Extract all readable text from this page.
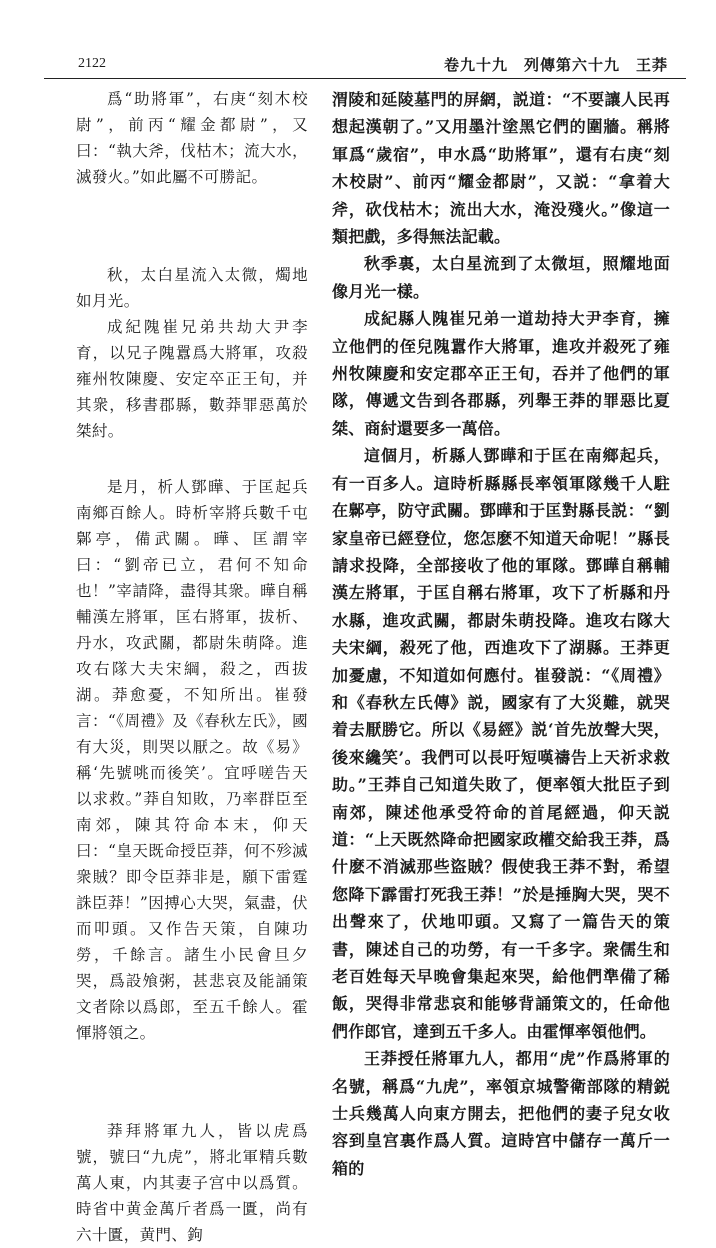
2122	卷九十九　列傳第六十九　王莽

爲“助將軍”，右庚“刻木校尉”，前丙“耀金都尉”，又曰：“執大斧，伐枯木；流大水，滅發火。”如此屬不可勝記。

秋，太白星流入太微，燭地如月光。

成紀隗崔兄弟共劫大尹李育，以兄子隗囂爲大將軍，攻殺雍州牧陳慶、安定卒正王旬，并其衆，移書郡縣，數莽罪惡萬於桀紂。

是月，析人鄧曄、于匡起兵南鄉百餘人。時析宰將兵數千屯鄡亭，備武關。曄、匡謂宰曰：“劉帝已立，君何不知命也！”宰請降，盡得其衆。曄自稱輔漢左將軍，匡右將軍，拔析、丹水，攻武關，都尉朱萌降。進攻右隊大夫宋綱，殺之，西拔湖。莽愈憂，不知所出。崔發言：“《周禮》及《春秋左氏》，國有大災，則哭以厭之。故《易》稱‘先號咷而後笑’。宜呼嗟告天以求救。”莽自知敗，乃率群臣至南郊，陳其符命本末，仰天曰：“皇天既命授臣莽，何不殄滅衆賊？即令臣莽非是，願下雷霆誅臣莽！”因搏心大哭，氣盡，伏而叩頭。又作告天策，自陳功勞，千餘言。諸生小民會旦夕哭，爲設飧粥，甚悲哀及能誦策文者除以爲郎，至五千餘人。霍惲將領之。

莽拜將軍九人，皆以虎爲號，號曰“九虎”，將北軍精兵數萬人東，内其妻子宫中以爲質。時省中黄金萬斤者爲一匱，尚有六十匱，黄門、鉤

渭陵和延陵墓門的屏網，説道：“不要讓人民再想起漢朝了。”又用墨汁塗黑它們的圍牆。稱將軍爲“歲宿”，申水爲“助將軍”，還有右庚“刻木校尉”、前丙“耀金都尉”，又説：“拿着大斧，砍伐枯木；流出大水，淹没殘火。”像這一類把戲，多得無法記載。

秋季裏，太白星流到了太微垣，照耀地面像月光一樣。

成紀縣人隗崔兄弟一道劫持大尹李育，擁立他們的侄兒隗囂作大將軍，進攻并殺死了雍州牧陳慶和安定郡卒正王旬，吞并了他們的軍隊，傳遞文告到各郡縣，列舉王莽的罪惡比夏桀、商紂還要多一萬倍。

這個月，析縣人鄧曄和于匡在南鄉起兵，有一百多人。這時析縣縣長率領軍隊幾千人駐在鄡亭，防守武關。鄧曄和于匡對縣長説：“劉家皇帝已經登位，您怎麽不知道天命呢！”縣長請求投降，全部接收了他的軍隊。鄧曄自稱輔漢左將軍，于匡自稱右將軍，攻下了析縣和丹水縣，進攻武關，都尉朱萌投降。進攻右隊大夫宋綱，殺死了他，西進攻下了湖縣。王莽更加憂慮，不知道如何應付。崔發説：“《周禮》和《春秋左氏傳》説，國家有了大災難，就哭着去厭勝它。所以《易經》説‘首先放聲大哭，後來纔笑’。我們可以長吁短嘆禱告上天祈求救助。”王莽自己知道失敗了，便率領大批臣子到南郊，陳述他承受符命的首尾經過，仰天説道：“上天既然降命把國家政權交給我王莽，爲什麽不消滅那些盜賊？假使我王莽不對，希望您降下霹雷打死我王莽！”於是捶胸大哭，哭不出聲來了，伏地叩頭。又寫了一篇告天的策書，陳述自己的功勞，有一千多字。衆儒生和老百姓每天早晚會集起來哭，給他們準備了稀飯，哭得非常悲哀和能够背誦策文的，任命他們作郎官，達到五千多人。由霍惲率領他們。

王莽授任將軍九人，都用“虎”作爲將軍的名號，稱爲“九虎”，率領京城警衛部隊的精鋭士兵幾萬人向東方開去，把他們的妻子兒女收容到皇宫裏作爲人質。這時宫中儲存一萬斤一箱的
